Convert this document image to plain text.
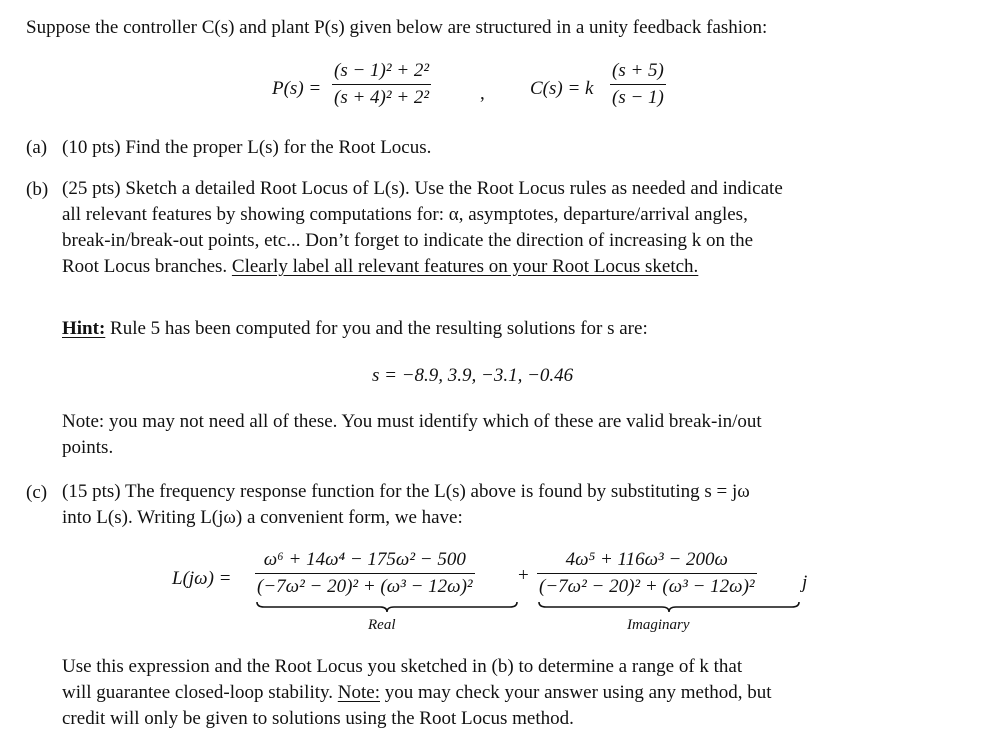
Suppose the controller C(s) and plant P(s) given below are structured in a unity feedback fashion:
$P(s) = \frac{\text{(s − 1)² + 2²}}{\text{(s + 4)² + 2²}}$	, C(s) = k $\frac{(s + 5)}{(s - 1)}$
(a) (10 pts) Find the proper L(s) for the Root Locus.
(b) (25 pts) Sketch a detailed Root Locus of L(s). Use the Root Locus rules as needed and indicate
all relevant features by showing computations for: α, asymptotes, departure/arrival angles,
break-in/break-out points, etc... Don’t forget to indicate the direction of increasing k on the
Root Locus branches. Clearly label all relevant features on your Root Locus sketch.
Hint: Rule 5 has been computed for you and the resulting solutions for s are:
s = −8.9, 3.9, −3.1, −0.46
Note: you may not need all of these. You must identify which of these are valid break-in/out
points.
(c) (15 pts) The frequency response function for the L(s) above is found by substituting s = jω
into L(s). Writing L(jω) a convenient form, we have:
$L(j\omega) = \frac{\text{ω⁶ + 14ω⁴ − 175ω² − 500}}{\text{(−7ω² − 20)² + (ω³ − 12ω)²}} + \frac{\text{4ω⁵ + 116ω³ − 200ω}}{\text{(−7ω² − 20)² + (ω³ − 12ω)²}}$ j
Real	Imaginary
Use this expression and the Root Locus you sketched in (b) to determine a range of k that
will guarantee closed-loop stability. Note: you may check your answer using any method, but
credit will only be given to solutions using the Root Locus method.
